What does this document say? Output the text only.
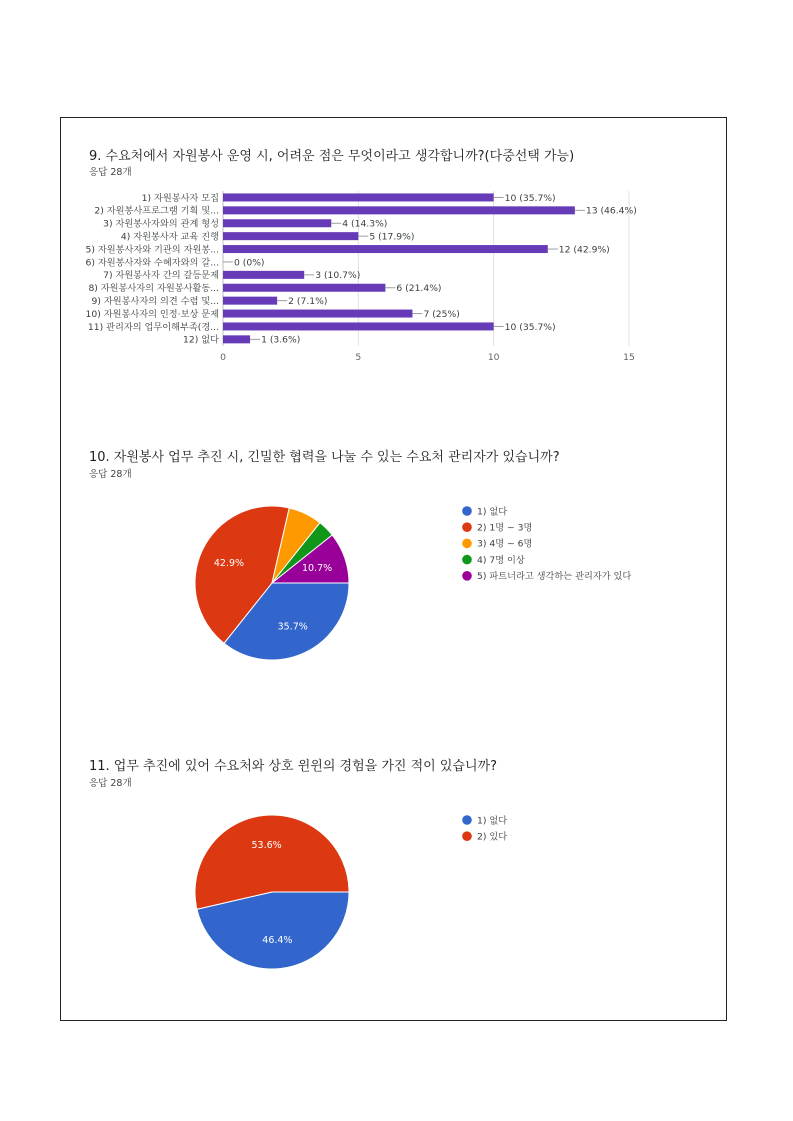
9. 수요처에서 자원봉사 운영 시, 어려운 점은 무엇이라고 생각합니까?(다중선택 가능)
응답 28개
10. 자원봉사 업무 추진 시, 긴밀한 협력을 나눌 수 있는 수요처 관리자가 있습니까?
응답 28개
11. 업무 추진에 있어 수요처와 상호 윈윈의 경험을 가진 적이 있습니까?
응답 28개
0	5	10	15
1) 자원봉사자 모집	10 (35.7%)
2) 자원봉사프로그램 기획 및...	13 (46.4%)
3) 자원봉사자와의 관계 형성	4 (14.3%)
4) 자원봉사자 교육 진행	5 (17.9%)
5) 자원봉사자와 기관의 자원봉...	12 (42.9%)
6) 자원봉사자와 수혜자와의 갈... 0 (0%)
7) 자원봉사자 간의 갈등문제	3 (10.7%)
8) 자원봉사자의 자원봉사활동...	6 (21.4%)
9) 자원봉사자의 의견 수렴 및...	2 (7.1%)
10) 자원봉사자의 인정·보상 문제	7 (25%)
11) 관리자의 업무이해부족(경...	10 (35.7%)
12) 없다	1 (3.6%)
35.7%
42.9%	10.7%
1) 없다
2) 1명 ~ 3명
3) 4명 ~ 6명
4) 7명 이상
5) 파트너라고 생각하는 관리자가 있다
46.4%
53.6%
1) 없다
2) 있다
